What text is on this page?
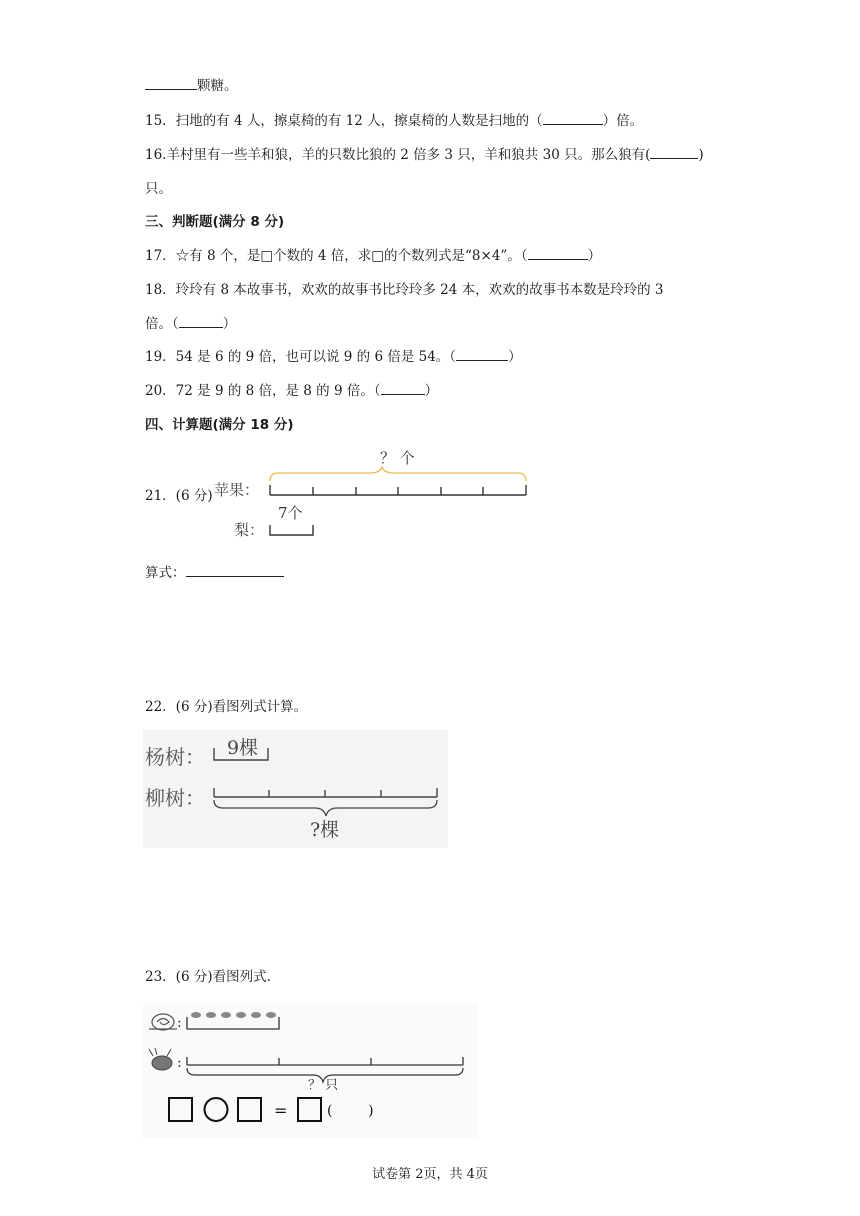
颗糖。
15．扫地的有 4 人，擦桌椅的有 12 人，擦桌椅的人数是扫地的（	）倍。
16.羊村里有一些羊和狼，羊的只数比狼的 2 倍多 3 只，羊和狼共 30 只。那么狼有(	)
只。
三、判断题(满分 8 分)
17．☆有 8 个，是□个数的 4 倍，求□的个数列式是“8×4”。（	）
18．玲玲有 8 本故事书，欢欢的故事书比玲玲多 24 本，欢欢的故事书本数是玲玲的 3
倍。（	）
19．54 是 6 的 9 倍，也可以说 9 的 6 倍是 54。（	）
20．72 是 9 的 8 倍，是 8 的 9 倍。（	）
四、计算题(满分 18 分)
21．(6 分)
？ 个
苹果：
7个
梨：
算式：
22．(6 分)看图列式计算。
杨树： 9棵
柳树：
?棵
23．(6 分)看图列式.
:
:
？ 只
=	(        )
试卷第 2页，共 4页
